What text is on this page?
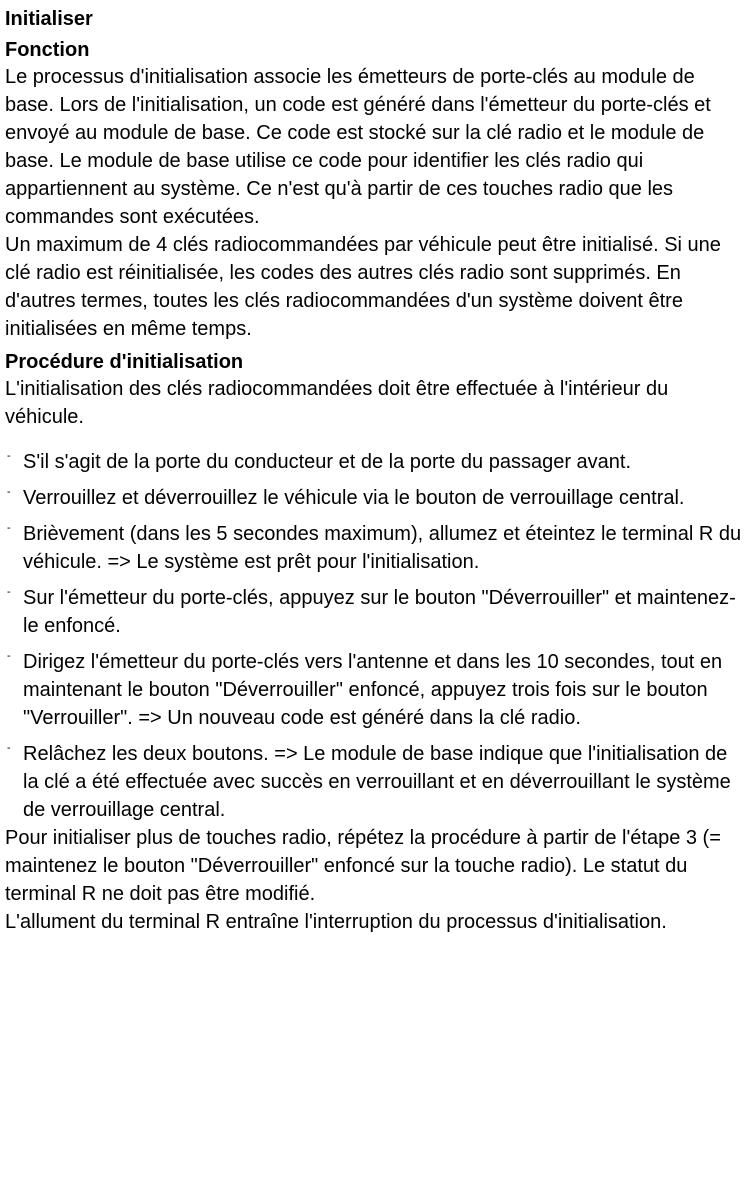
Initialiser
Fonction

Le processus d'initialisation associe les émetteurs de porte-clés au module de base. Lors de l'initialisation, un code est généré dans l'émetteur du porte-clés et envoyé au module de base. Ce code est stocké sur la clé radio et le module de base. Le module de base utilise ce code pour identifier les clés radio qui appartiennent au système. Ce n'est qu'à partir de ces touches radio que les commandes sont exécutées.

Un maximum de 4 clés radiocommandées par véhicule peut être initialisé. Si une clé radio est réinitialisée, les codes des autres clés radio sont supprimés. En d'autres termes, toutes les clés radiocommandées d'un système doivent être initialisées en même temps.

Procédure d'initialisation

L'initialisation des clés radiocommandées doit être effectuée à l'intérieur du véhicule.

- S'il s'agit de la porte du conducteur et de la porte du passager avant.
- Verrouillez et déverrouillez le véhicule via le bouton de verrouillage central.
- Brièvement (dans les 5 secondes maximum), allumez et éteintez le terminal R du véhicule. => Le système est prêt pour l'initialisation.
- Sur l'émetteur du porte-clés, appuyez sur le bouton "Déverrouiller" et maintenez-le enfoncé.
- Dirigez l'émetteur du porte-clés vers l'antenne et dans les 10 secondes, tout en maintenant le bouton "Déverrouiller" enfoncé, appuyez trois fois sur le bouton "Verrouiller". => Un nouveau code est généré dans la clé radio.
- Relâchez les deux boutons. => Le module de base indique que l'initialisation de la clé a été effectuée avec succès en verrouillant et en déverrouillant le système de verrouillage central.

Pour initialiser plus de touches radio, répétez la procédure à partir de l'étape 3 (= maintenez le bouton "Déverrouiller" enfoncé sur la touche radio). Le statut du terminal R ne doit pas être modifié.

L'allument du terminal R entraîne l'interruption du processus d'initialisation.
